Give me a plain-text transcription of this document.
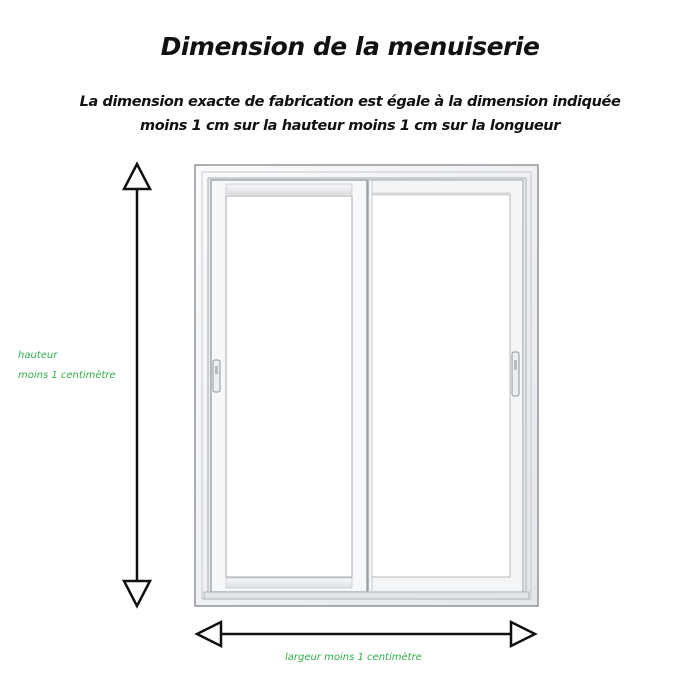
Dimension de la menuiserie
La dimension exacte de fabrication est égale à la dimension indiquée
moins 1 cm sur la hauteur moins 1 cm sur la longueur
hauteur
moins 1 centimètre
largeur moins 1 centimètre
